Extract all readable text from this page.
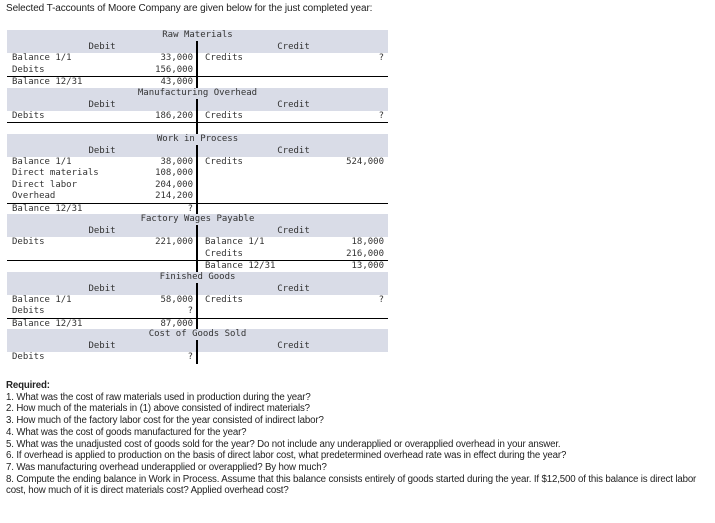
Selected T-accounts of Moore Company are given below for the just completed year:
Raw Materials
Debit	Credit
Balance 1/1	33,000 Credits	?
Debits	156,000
Balance 12/31	43,000
Manufacturing Overhead
Debit	Credit
Debits	186,200 Credits	?
Work in Process
Debit	Credit
Balance 1/1	38,000 Credits	524,000
Direct materials	108,000
Direct labor	204,000
Overhead	214,200
Balance 12/31	?
Factory Wages Payable
Debit	Credit
Debits	221,000 Balance 1/1	18,000
Credits	216,000
Balance 12/31	13,000
Finished Goods
Debit	Credit
Balance 1/1	58,000 Credits	?
Debits	?
Balance 12/31	87,000
Cost of Goods Sold
Debit	Credit
Debits	?
Required:
1. What was the cost of raw materials used in production during the year?
2. How much of the materials in (1) above consisted of indirect materials?
3. How much of the factory labor cost for the year consisted of indirect labor?
4. What was the cost of goods manufactured for the year?
5. What was the unadjusted cost of goods sold for the year? Do not include any underapplied or overapplied overhead in your answer.
6. If overhead is applied to production on the basis of direct labor cost, what predetermined overhead rate was in effect during the year?
7. Was manufacturing overhead underapplied or overapplied? By how much?
8. Compute the ending balance in Work in Process. Assume that this balance consists entirely of goods started during the year. If $12,500 of this balance is direct labor cost, how much of it is direct materials cost? Applied overhead cost?
